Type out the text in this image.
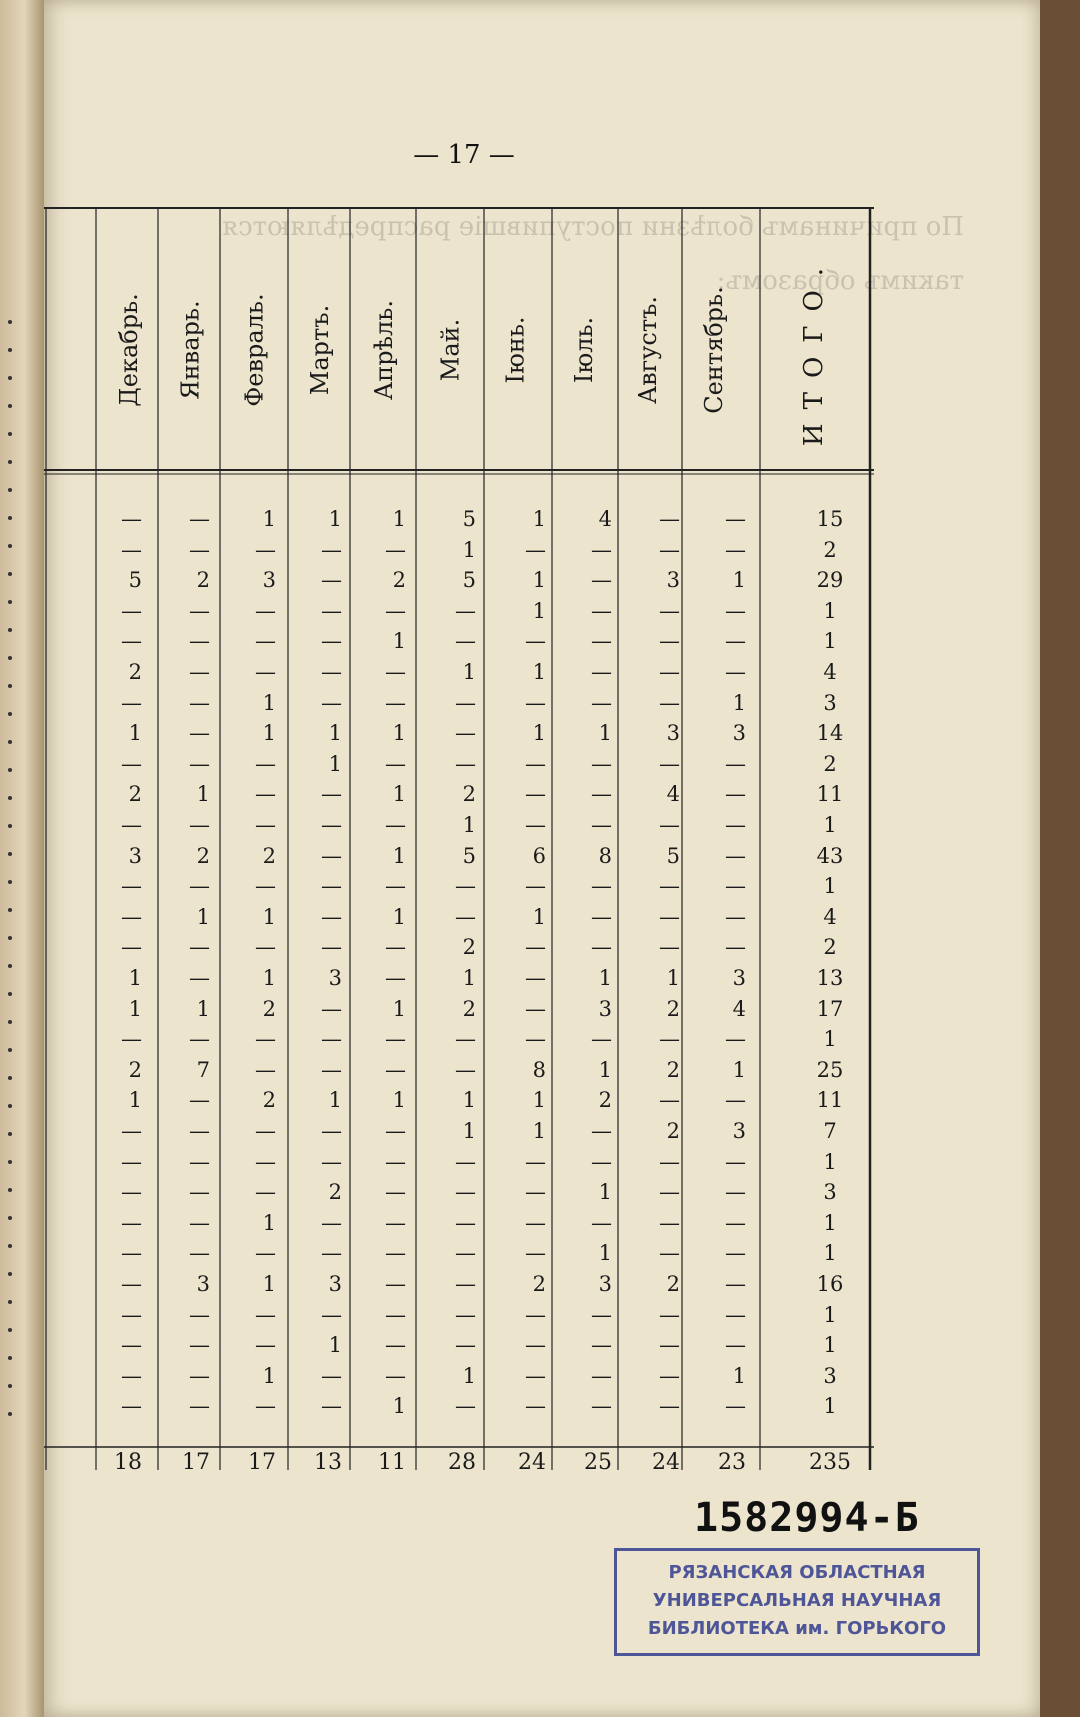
По причинамъ болѣзни поступившіе распредѣляются
такимъ образомъ:
— 17 —
1582994-Б
РЯЗАНСКАЯ ОБЛАСТНАЯ
УНИВЕРСАЛЬНАЯ НАУЧНАЯ
БИБЛИОТЕКА им. ГОРЬКОГО
Декабрь. Январь. Февраль. Мартъ. Апрѣль. Май. Іюнь. Іюль. Августъ. Сентябрь.	ИТОГО.
—	—	1	1	1	5	1	4	—	—	15
—	—	—	—	—	1	—	—	—	—	2
5	2	3	—	2	5	1	—	3	1	29
—	—	—	—	—	—	1	—	—	—	1
—	—	—	—	1	—	—	—	—	—	1
2	—	—	—	—	1	1	—	—	—	4
—	—	1	—	—	—	—	—	—	1	3
1	—	1	1	1	—	1	1	3	3	14
—	—	—	1	—	—	—	—	—	—	2
2	1	—	—	1	2	—	—	4	—	11
—	—	—	—	—	1	—	—	—	—	1
3	2	2	—	1	5	6	8	5	—	43
—	—	—	—	—	—	—	—	—	—	1
—	1	1	—	1	—	1	—	—	—	4
—	—	—	—	—	2	—	—	—	—	2
1	—	1	3	—	1	—	1	1	3	13
1	1	2	—	1	2	—	3	2	4	17
—	—	—	—	—	—	—	—	—	—	1
2	7	—	—	—	—	8	1	2	1	25
1	—	2	1	1	1	1	2	—	—	11
—	—	—	—	—	1	1	—	2	3	7
—	—	—	—	—	—	—	—	—	—	1
—	—	—	2	—	—	—	1	—	—	3
—	—	1	—	—	—	—	—	—	—	1
—	—	—	—	—	—	—	1	—	—	1
—	3	1	3	—	—	2	3	2	—	16
—	—	—	—	—	—	—	—	—	—	1
—	—	—	1	—	—	—	—	—	—	1
—	—	1	—	—	1	—	—	—	1	3
—	—	—	—	1	—	—	—	—	—	1
18	17	17	13	11	28	24	25	24	23	235
